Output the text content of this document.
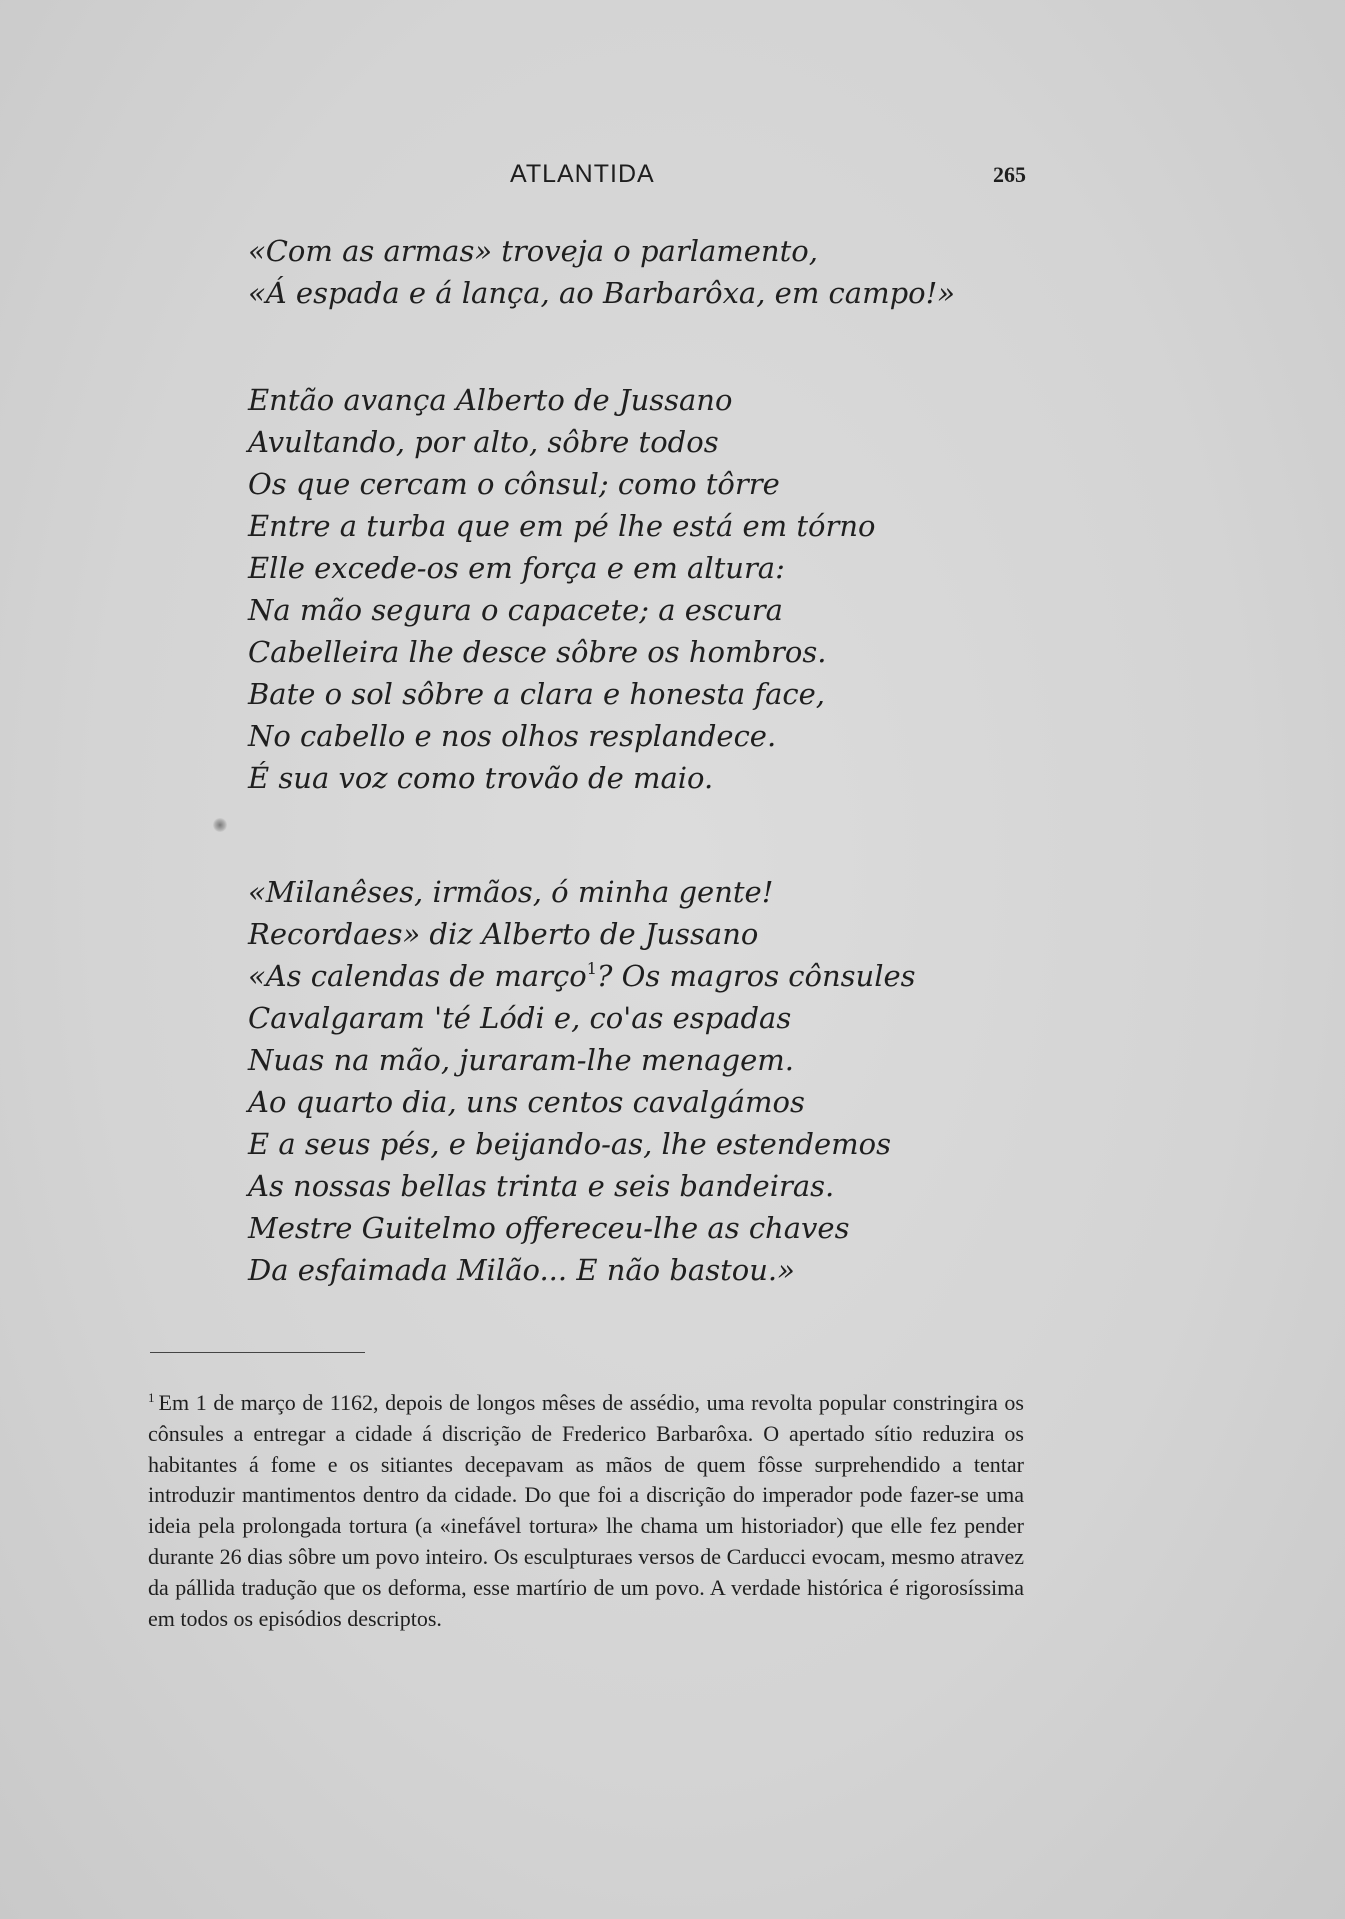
ATLANTIDA	265
«Com as armas» troveja o parlamento,
«Á espada e á lança, ao Barbarôxa, em campo!»
Então avança Alberto de Jussano
Avultando, por alto, sôbre todos
Os que cercam o cônsul; como tôrre
Entre a turba que em pé lhe está em tórno
Elle excede-os em força e em altura:
Na mão segura o capacete; a escura
Cabelleira lhe desce sôbre os hombros.
Bate o sol sôbre a clara e honesta face,
No cabello e nos olhos resplandece.
É sua voz como trovão de maio.
«Milanêses, irmãos, ó minha gente!
Recordaes» diz Alberto de Jussano
«As calendas de março$^1$? Os magros cônsules
Cavalgaram 'té Lódi e, co'as espadas
Nuas na mão, juraram-lhe menagem.
Ao quarto dia, uns centos cavalgámos
E a seus pés, e beijando-as, lhe estendemos
As nossas bellas trinta e seis bandeiras.
Mestre Guitelmo offereceu-lhe as chaves
Da esfaimada Milão... E não bastou.»
$^1$ Em 1 de março de 1162, depois de longos mêses de assédio, uma revolta popular constringira os cônsules a entregar a cidade á discrição de Frederico Barbarôxa. O apertado sítio reduzira os habitantes á fome e os sitiantes decepavam as mãos de quem fôsse surprehendido a tentar introduzir mantimentos dentro da cidade. Do que foi a discrição do imperador pode fazer-se uma ideia pela prolongada tortura (a «inefável tortura» lhe chama um historiador) que elle fez pender durante 26 dias sôbre um povo inteiro. Os esculpturaes versos de Carducci evocam, mesmo atravez da pállida tradução que os deforma, esse martírio de um povo. A verdade histórica é rigorosíssima em todos os episódios descriptos.
